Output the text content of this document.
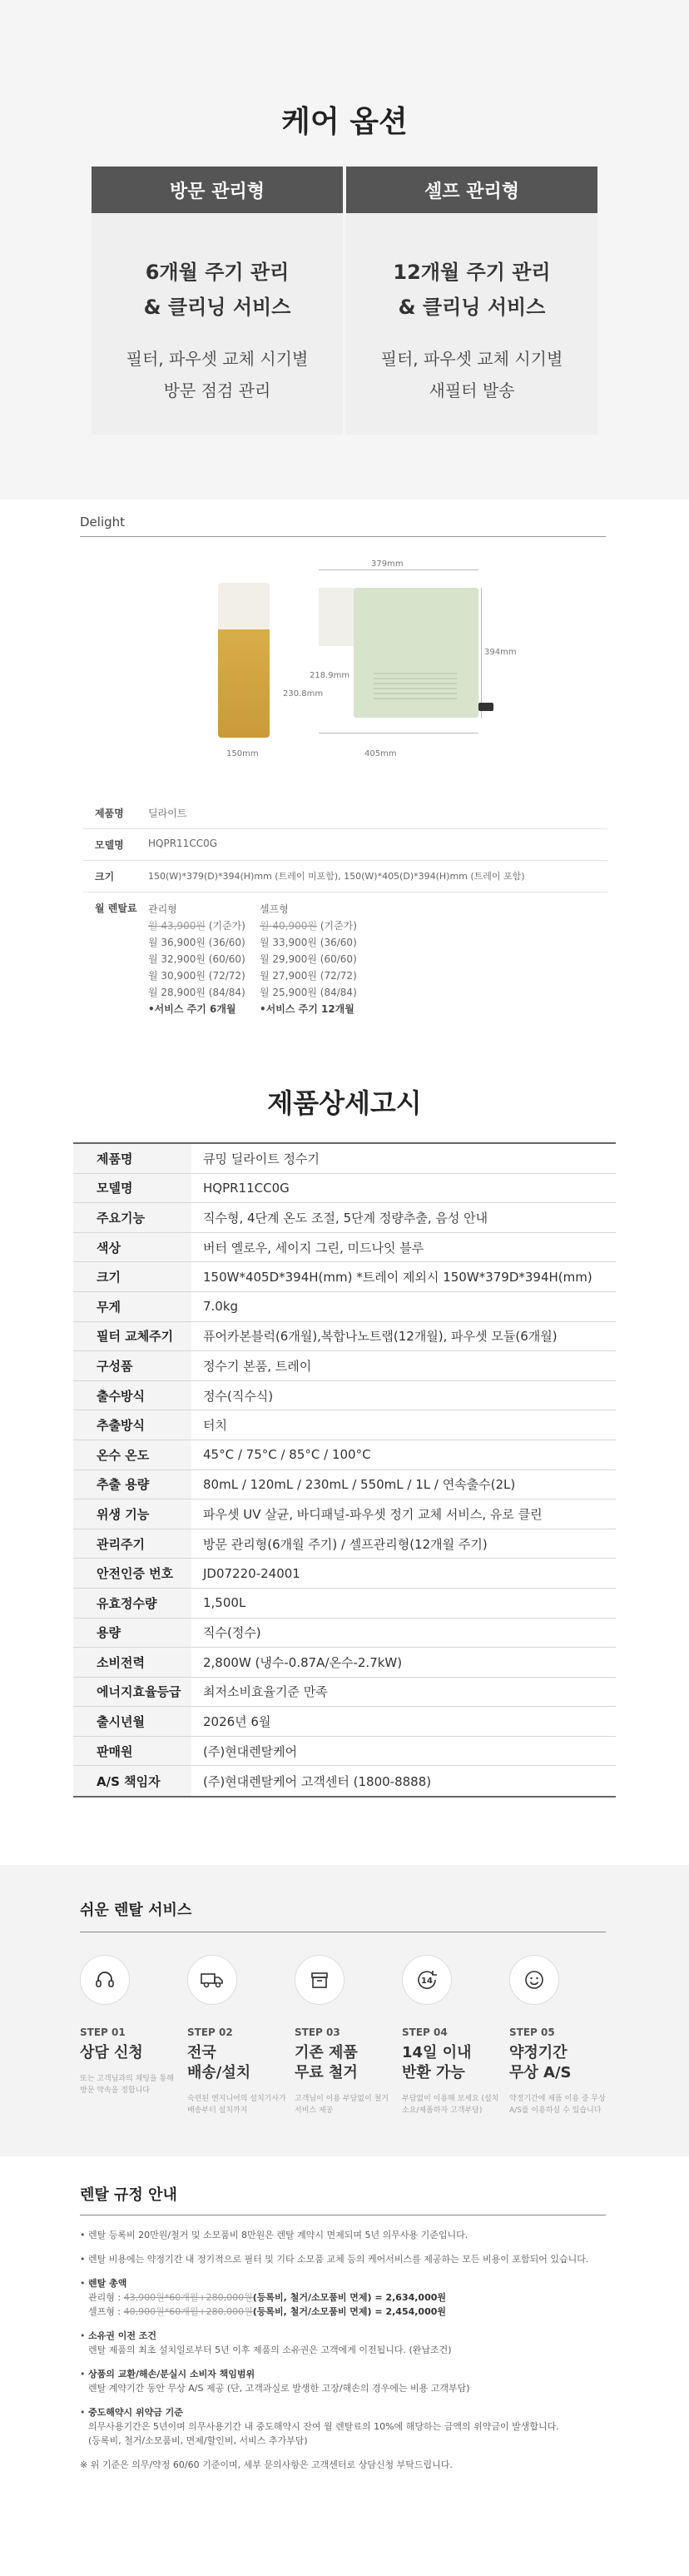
케어 옵션
방문 관리형
6개월 주기 관리
& 클리닝 서비스
필터, 파우셋 교체 시기별
방문 점검 관리
셀프 관리형
12개월 주기 관리
& 클리닝 서비스
필터, 파우셋 교체 시기별
새필터 발송
Delight
150mm
379mm
394mm
218.9mm
230.8mm
405mm
제품명	딜라이트
모델명	HQPR11CC0G
크기	150(W)*379(D)*394(H)mm (트레이 미포함), 150(W)*405(D)*394(H)mm (트레이 포함)
월 렌탈료	관리형
월 43,900원 (기준가)
월 36,900원 (36/60)
월 32,900원 (60/60)
월 30,900원 (72/72)
월 28,900원 (84/84)
•서비스 주기 6개월
셀프형
월 40,900원 (기준가)
월 33,900원 (36/60)
월 29,900원 (60/60)
월 27,900원 (72/72)
월 25,900원 (84/84)
•서비스 주기 12개월
제품상세고시
제품명	큐밍 딜라이트 정수기
모델명	HQPR11CC0G
주요기능	직수형, 4단계 온도 조절, 5단계 정량추출, 음성 안내
색상	버터 옐로우, 세이지 그린, 미드나잇 블루
크기	150W*405D*394H(mm) *트레이 제외시 150W*379D*394H(mm)
무게	7.0kg
필터 교체주기	퓨어카본블럭(6개월),복합나노트랩(12개월), 파우셋 모듈(6개월)
구성품	정수기 본품, 트레이
출수방식	정수(직수식)
추출방식	터치
온수 온도	45°C / 75°C / 85°C / 100°C
추출 용량	80mL / 120mL / 230mL / 550mL / 1L / 연속출수(2L)
위생 기능	파우셋 UV 살균, 바디패널-파우셋 정기 교체 서비스, 유로 클린
관리주기	방문 관리형(6개월 주기) / 셀프관리형(12개월 주기)
안전인증 번호	JD07220-24001
유효정수량	1,500L
용량	직수(정수)
소비전력	2,800W (냉수-0.87A/온수-2.7kW)
에너지효율등급	최저소비효율기준 만족
출시년월	2026년 6월
판매원	(주)현대렌탈케어
A/S 책임자	(주)현대렌탈케어 고객센터 (1800-8888)
쉬운 렌탈 서비스
STEP 01
상담 신청
또는 고객님과의 채팅을 통해 방문 약속을 정합니다
STEP 02
전국
배송/설치
숙련된 엔지니어의 설치기사가 배송부터 설치까지
STEP 03
기존 제품
무료 철거
고객님이 이용 부담없이 철거 서비스 제공
14
STEP 04
14일 이내
반환 가능
부담없이 이용해 보세요 (설치 소요/제품하자 고객부담)
STEP 05
약정기간
무상 A/S
약정기간에 제품 이용 중 무상 A/S를 이용하실 수 있습니다
렌탈 규정 안내
• 렌탈 등록비 20만원/철거 및 소모품비 8만원은 렌탈 계약시 면제되며 5년 의무사용 기준입니다.
• 렌탈 비용에는 약정기간 내 정기적으로 필터 및 기타 소모품 교체 등의 케어서비스를 제공하는 모든 비용이 포함되어 있습니다.
• 렌탈 총액
관리형 : 43,900원*60개월+280,000원(등록비, 철거/소모품비 면제) = 2,634,000원
셀프형 : 40,900원*60개월+280,000원(등록비, 철거/소모품비 면제) = 2,454,000원
• 소유권 이전 조건
렌탈 제품의 최초 설치일로부터 5년 이후 제품의 소유권은 고객에게 이전됩니다. (완납조건)
• 상품의 교환/해손/분실시 소비자 책임범위
렌탈 계약기간 동안 무상 A/S 제공 (단, 고객과실로 발생한 고장/해손의 경우에는 비용 고객부담)
• 중도해약시 위약금 기준
의무사용기간은 5년이며 의무사용기간 내 중도해약시 잔여 월 렌탈료의 10%에 해당하는 금액의 위약금이 발생합니다.
(등록비, 철거/소모품비, 면제/할인비, 서비스 추가부담)
※ 위 기준은 의무/약정 60/60 기준이며, 세부 문의사항은 고객센터로 상담신청 부탁드립니다.
